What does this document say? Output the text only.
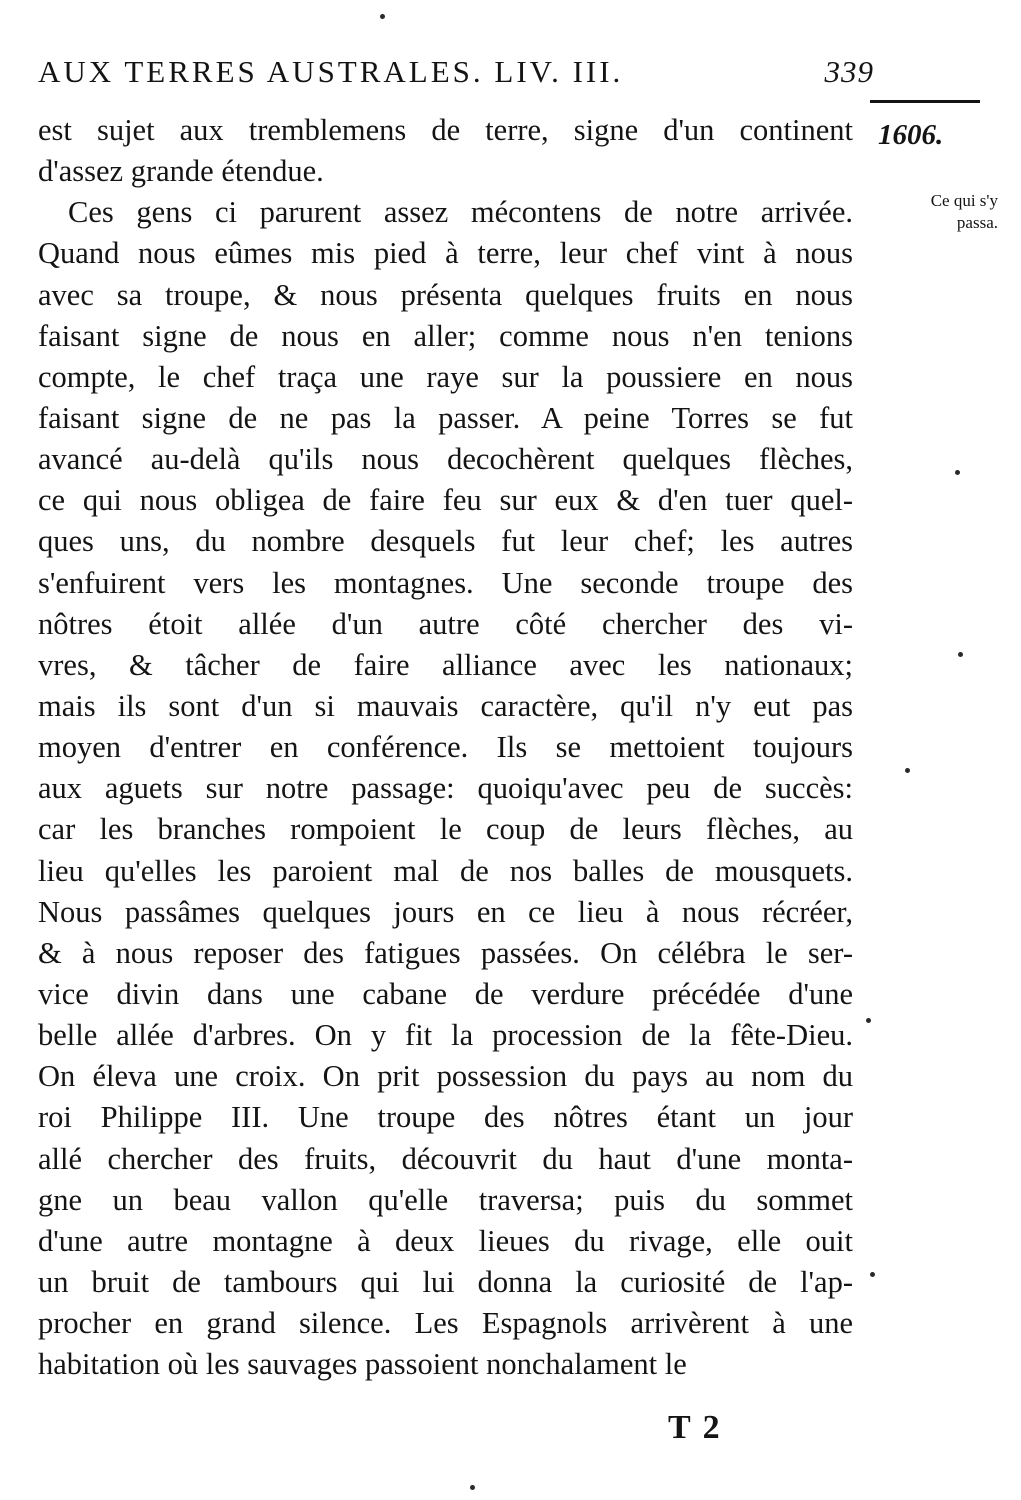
AUX TERRES AUSTRALES. LIV. III.	339
1606.
Ce qui s'y
passa.
est sujet aux tremblemens de terre, signe d'un continent
d'assez grande étendue.
Ces gens ci parurent assez mécontens de notre arrivée.
Quand nous eûmes mis pied à terre, leur chef vint à nous
avec sa troupe, & nous présenta quelques fruits en nous
faisant signe de nous en aller; comme nous n'en tenions
compte, le chef traça une raye sur la poussiere en nous
faisant signe de ne pas la passer. A peine Torres se fut
avancé au-delà qu'ils nous decochèrent quelques flèches,
ce qui nous obligea de faire feu sur eux & d'en tuer quel-
ques uns, du nombre desquels fut leur chef; les autres
s'enfuirent vers les montagnes. Une seconde troupe des
nôtres étoit allée d'un autre côté chercher des vi-
vres, & tâcher de faire alliance avec les nationaux;
mais ils sont d'un si mauvais caractère, qu'il n'y eut pas
moyen d'entrer en conférence. Ils se mettoient toujours
aux aguets sur notre passage: quoiqu'avec peu de succès:
car les branches rompoient le coup de leurs flèches, au
lieu qu'elles les paroient mal de nos balles de mousquets.
Nous passâmes quelques jours en ce lieu à nous récréer,
& à nous reposer des fatigues passées. On célébra le ser-
vice divin dans une cabane de verdure précédée d'une
belle allée d'arbres. On y fit la procession de la fête-Dieu.
On éleva une croix. On prit possession du pays au nom du
roi Philippe III. Une troupe des nôtres étant un jour
allé chercher des fruits, découvrit du haut d'une monta-
gne un beau vallon qu'elle traversa; puis du sommet
d'une autre montagne à deux lieues du rivage, elle ouit
un bruit de tambours qui lui donna la curiosité de l'ap-
procher en grand silence. Les Espagnols arrivèrent à une
habitation où les sauvages passoient nonchalament le
T 2
